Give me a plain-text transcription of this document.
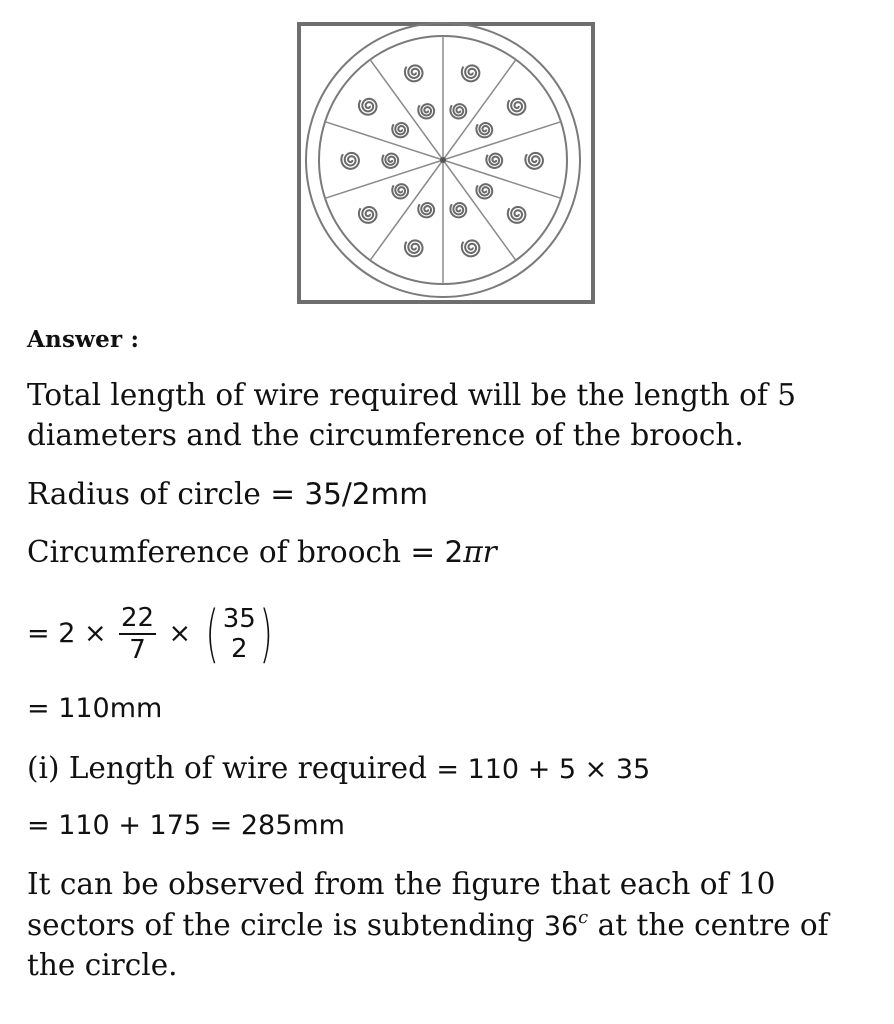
Answer :
Total length of wire required will be the length of 5
diameters and the circumference of the brooch.
Radius of circle = 35/2mm
Circumference of brooch = 2πr
= $2 \times \frac{22}{7}$ × ( 35
2 )
= 110mm
(i) Length of wire required = 110 + 5 × 35
= 110 + 175 = 285mm
It can be observed from the figure that each of 10
sectors of the circle is subtending 36$^c$ at the centre of
the circle.
